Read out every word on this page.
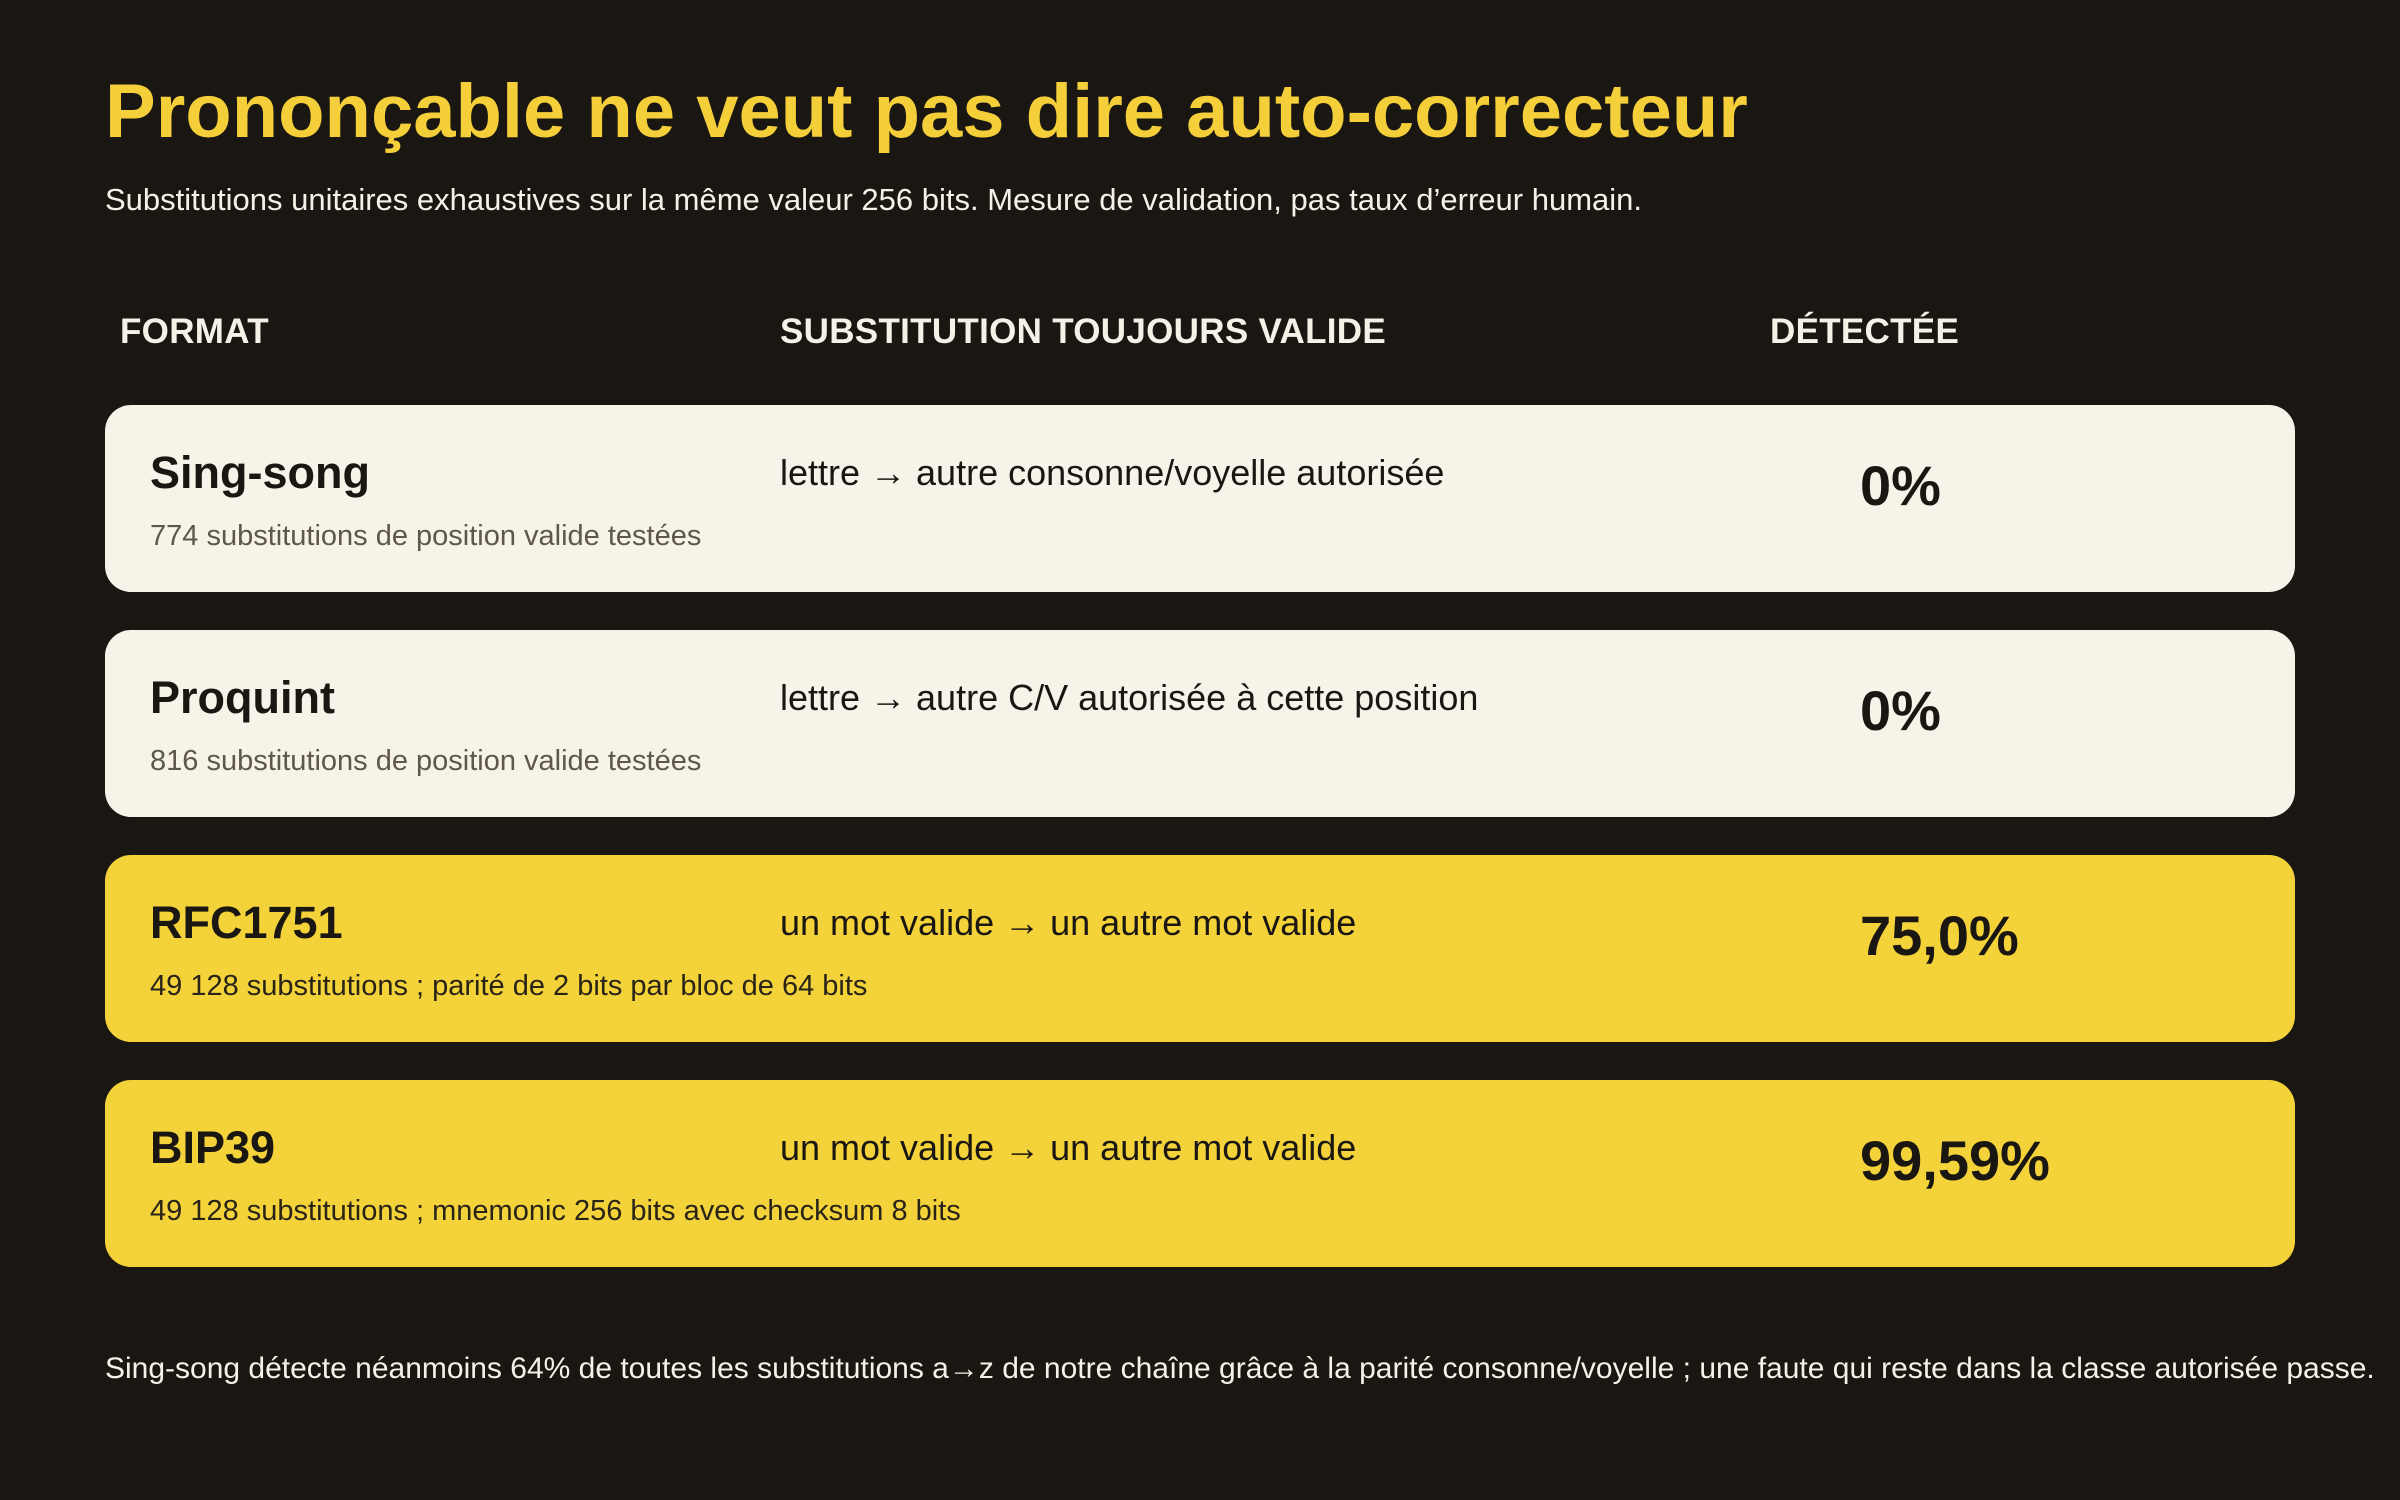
Prononçable ne veut pas dire auto-correcteur

Substitutions unitaires exhaustives sur la même valeur 256 bits. Mesure de validation, pas taux d’erreur humain.

FORMAT	SUBSTITUTION TOUJOURS VALIDE	DÉTECTÉE
Sing-song
774 substitutions de position valide testées
lettre → autre consonne/voyelle autorisée	0%
Proquint
816 substitutions de position valide testées
lettre → autre C/V autorisée à cette position	0%
RFC1751
49 128 substitutions ; parité de 2 bits par bloc de 64 bits
un mot valide → un autre mot valide	75,0%
BIP39
49 128 substitutions ; mnemonic 256 bits avec checksum 8 bits
un mot valide → un autre mot valide	99,59%

Sing-song détecte néanmoins 64% de toutes les substitutions a→z de notre chaîne grâce à la parité consonne/voyelle ; une faute qui reste dans la classe autorisée passe.
